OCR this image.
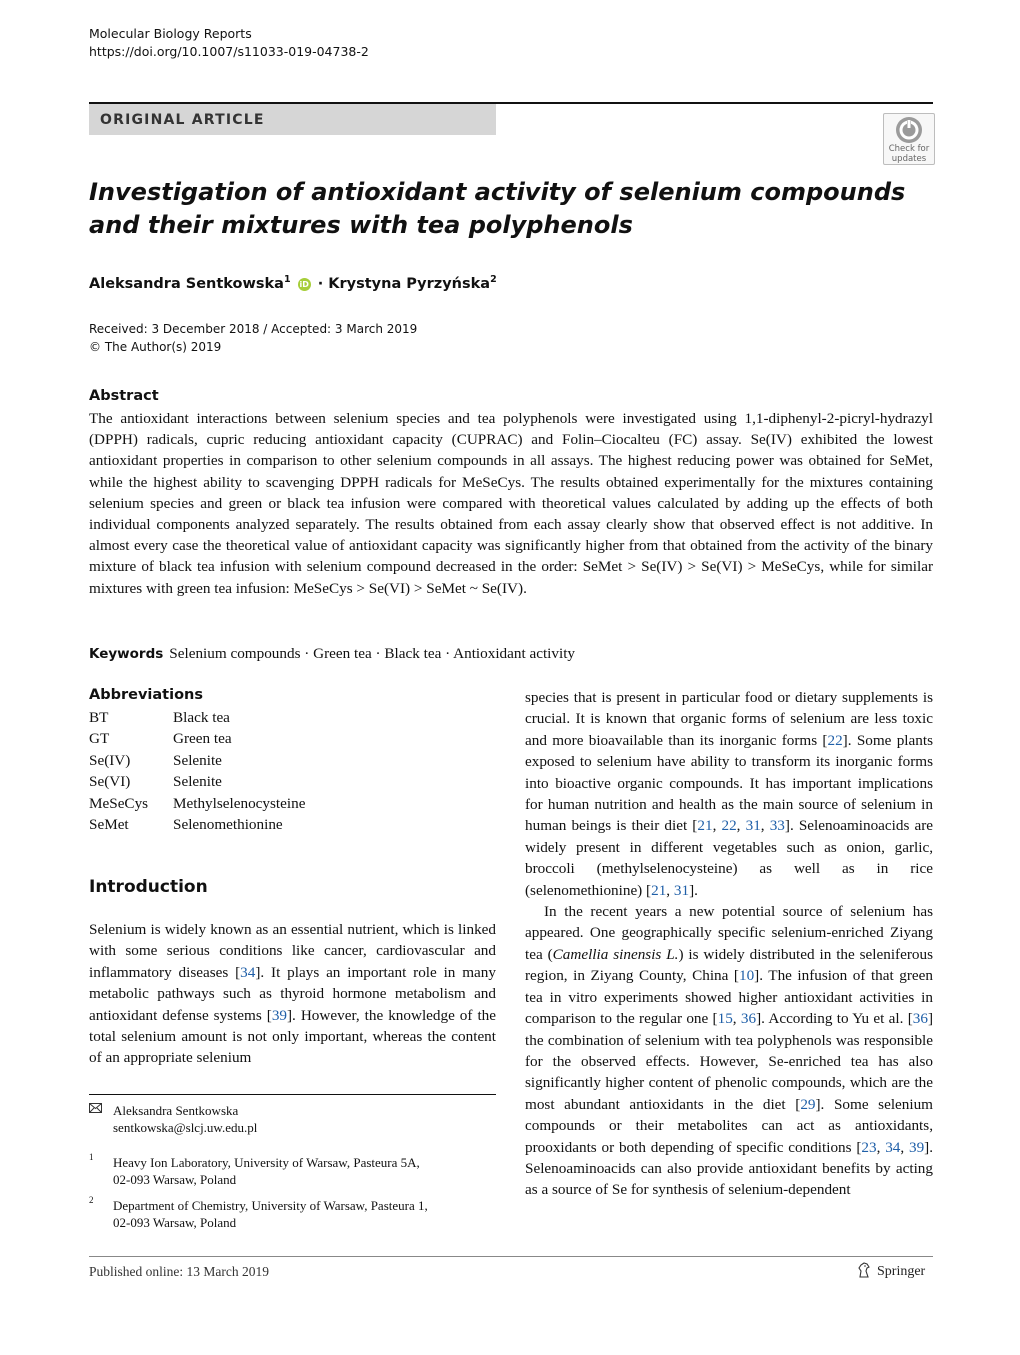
Molecular Biology Reports
https://doi.org/10.1007/s11033-019-04738-2
ORIGINAL ARTICLE
Check for
updates
Investigation of antioxidant activity of selenium compounds and their mixtures with tea polyphenols
Aleksandra Sentkowska$^1$ iD · Krystyna Pyrzyńska$^2$
Received: 3 December 2018 / Accepted: 3 March 2019
© The Author(s) 2019
Abstract
The antioxidant interactions between selenium species and tea polyphenols were investigated using 1,1-diphenyl-2-picryl-hydrazyl (DPPH) radicals, cupric reducing antioxidant capacity (CUPRAC) and Folin–Ciocalteu (FC) assay. Se(IV) exhibited the lowest antioxidant properties in comparison to other selenium compounds in all assays. The highest reducing power was obtained for SeMet, while the highest ability to scavenging DPPH radicals for MeSeCys. The results obtained experimentally for the mixtures containing selenium species and green or black tea infusion were compared with theoretical values calculated by adding up the effects of both individual components analyzed separately. The results obtained from each assay clearly show that observed effect is not additive. In almost every case the theoretical value of antioxidant capacity was significantly higher from that obtained from the activity of the binary mixture of black tea infusion with selenium compound decreased in the order: SeMet > Se(IV) > Se(VI) > MeSeCys, while for similar mixtures with green tea infusion: MeSeCys > Se(VI) > SeMet ~ Se(IV).
Keywords Selenium compounds · Green tea · Black tea · Antioxidant activity
Abbreviations
BT	Black tea
GT	Green tea
Se(IV)	Selenite
Se(VI)	Selenite
MeSeCys Methylselenocysteine
SeMet	Selenomethionine
Introduction
Selenium is widely known as an essential nutrient, which is linked with some serious conditions like cancer, cardiovascular and inflammatory diseases [34]. It plays an important role in many metabolic pathways such as thyroid hormone metabolism and antioxidant defense systems [39]. However, the knowledge of the total selenium amount is not only important, whereas the content of an appropriate selenium
Aleksandra Sentkowska
sentkowska@slcj.uw.edu.pl
1 Heavy Ion Laboratory, University of Warsaw, Pasteura 5A,
02-093 Warsaw, Poland
2 Department of Chemistry, University of Warsaw, Pasteura 1,
02-093 Warsaw, Poland

species that is present in particular food or dietary supplements is crucial. It is known that organic forms of selenium are less toxic and more bioavailable than its inorganic forms [22]. Some plants exposed to selenium have ability to transform its inorganic forms into bioactive organic compounds. It has important implications for human nutrition and health as the main source of selenium in human beings is their diet [21, 22, 31, 33]. Selenoaminoacids are widely present in different vegetables such as onion, garlic, broccoli (methylselenocysteine) as well as in rice (selenomethionine) [21, 31].

In the recent years a new potential source of selenium has appeared. One geographically specific selenium-enriched Ziyang tea (Camellia sinensis L.) is widely distributed in the seleniferous region, in Ziyang County, China [10]. The infusion of that green tea in vitro experiments showed higher antioxidant activities in comparison to the regular one [15, 36]. According to Yu et al. [36] the combination of selenium with tea polyphenols was responsible for the observed effects. However, Se-enriched tea has also significantly higher content of phenolic compounds, which are the most abundant antioxidants in the diet [29]. Some selenium compounds or their metabolites can act as antioxidants, prooxidants or both depending of specific conditions [23, 34, 39]. Selenoaminoacids can also provide antioxidant benefits by acting as a source of Se for synthesis of selenium-dependent

Published online: 13 March 2019	Springer
